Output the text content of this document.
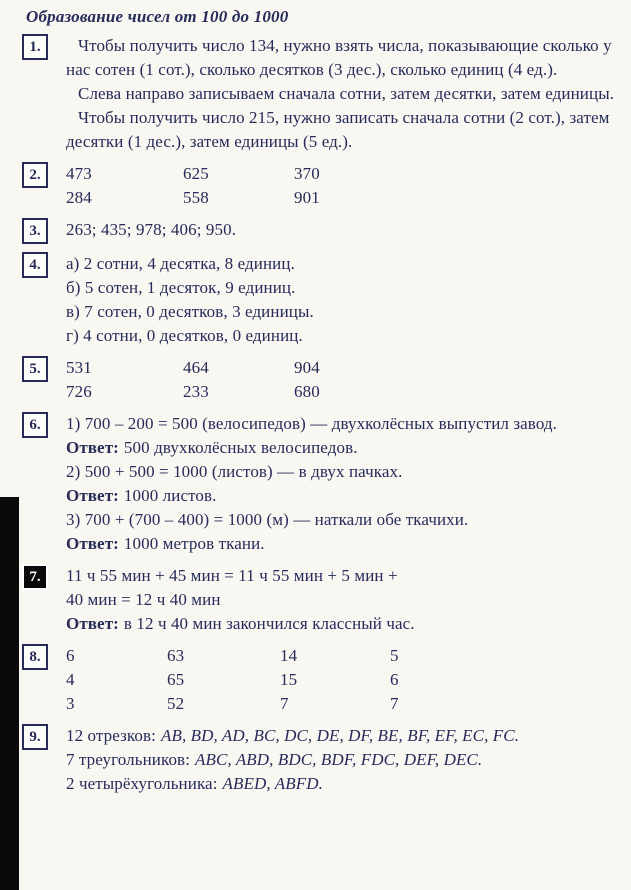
Образование чисел от 100 до 1000
1.	Чтобы получить число 134, нужно взять числа, показывающие сколько у нас сотен (1 сот.), сколько десятков (3 дес.), сколько единиц (4 ед.).

Слева направо записываем сначала сотни, затем десятки, затем единицы.

Чтобы получить число 215, нужно записать сначала сотни (2 сот.), затем десятки (1 дес.), затем единицы (5 ед.).

2.	473	625	370
284	558	901
3.	263; 435; 978; 406; 950.

4.	а) 2 сотни, 4 десятка, 8 единиц.

б) 5 сотен, 1 десяток, 9 единиц.

в) 7 сотен, 0 десятков, 3 единицы.

г) 4 сотни, 0 десятков, 0 единиц.

5.	531	464	904
726	233	680
6.	1) 700 – 200 = 500 (велосипедов) — двухколёсных выпустил завод.

Ответ: 500 двухколёсных велосипедов.

2) 500 + 500 = 1000 (листов) — в двух пачках.

Ответ: 1000 листов.

3) 700 + (700 – 400) = 1000 (м) — наткали обе ткачихи.

Ответ: 1000 метров ткани.

7.	11 ч 55 мин + 45 мин = 11 ч 55 мин + 5 мин +

40 мин = 12 ч 40 мин

Ответ: в 12 ч 40 мин закончился классный час.

8.	6	63	14	5
4	65	15	6
3	52	7	7
9.	12 отрезков: AB, BD, AD, BC, DC, DE, DF, BE, BF, EF, EC, FC.

7 треугольников: ABC, ABD, BDC, BDF, FDC, DEF, DEC.

2 четырёхугольника: ABED, ABFD.
